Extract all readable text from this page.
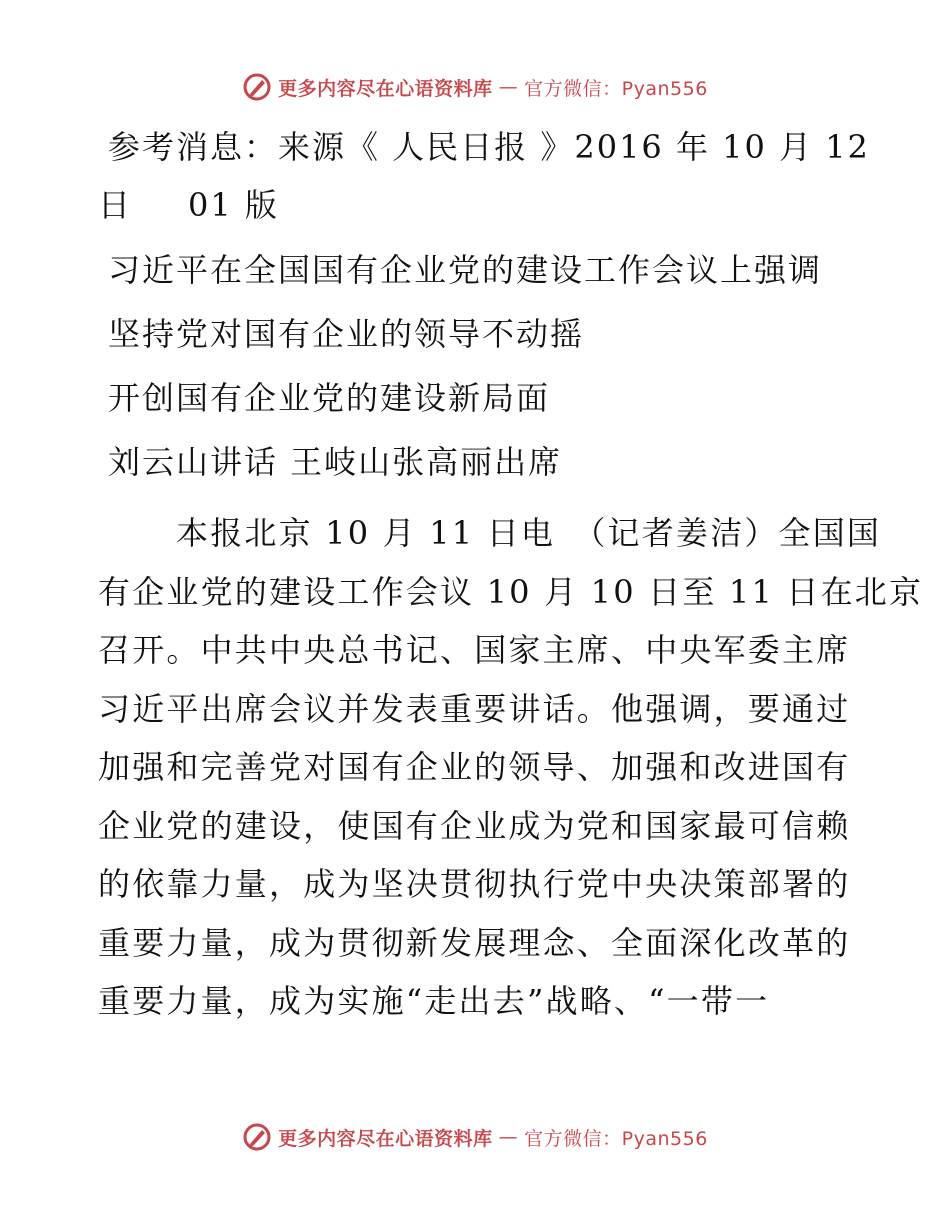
更多内容尽在心语资料库 — 官方微信：Pyan556
参考消息：来源《 人民日报 》2016 年 10 月 12
日 01 版
习近平在全国国有企业党的建设工作会议上强调
坚持党对国有企业的领导不动摇
开创国有企业党的建设新局面
刘云山讲话 王岐山张高丽出席
本报北京 10 月 11 日电　（记者姜洁）全国国
有企业党的建设工作会议 10 月 10 日至 11 日在北京
召开。中共中央总书记、国家主席、中央军委主席
习近平出席会议并发表重要讲话。他强调，要通过
加强和完善党对国有企业的领导、加强和改进国有
企业党的建设，使国有企业成为党和国家最可信赖
的依靠力量，成为坚决贯彻执行党中央决策部署的
重要力量，成为贯彻新发展理念、全面深化改革的
重要力量，成为实施“走出去”战略、“一带一
更多内容尽在心语资料库 — 官方微信：Pyan556
